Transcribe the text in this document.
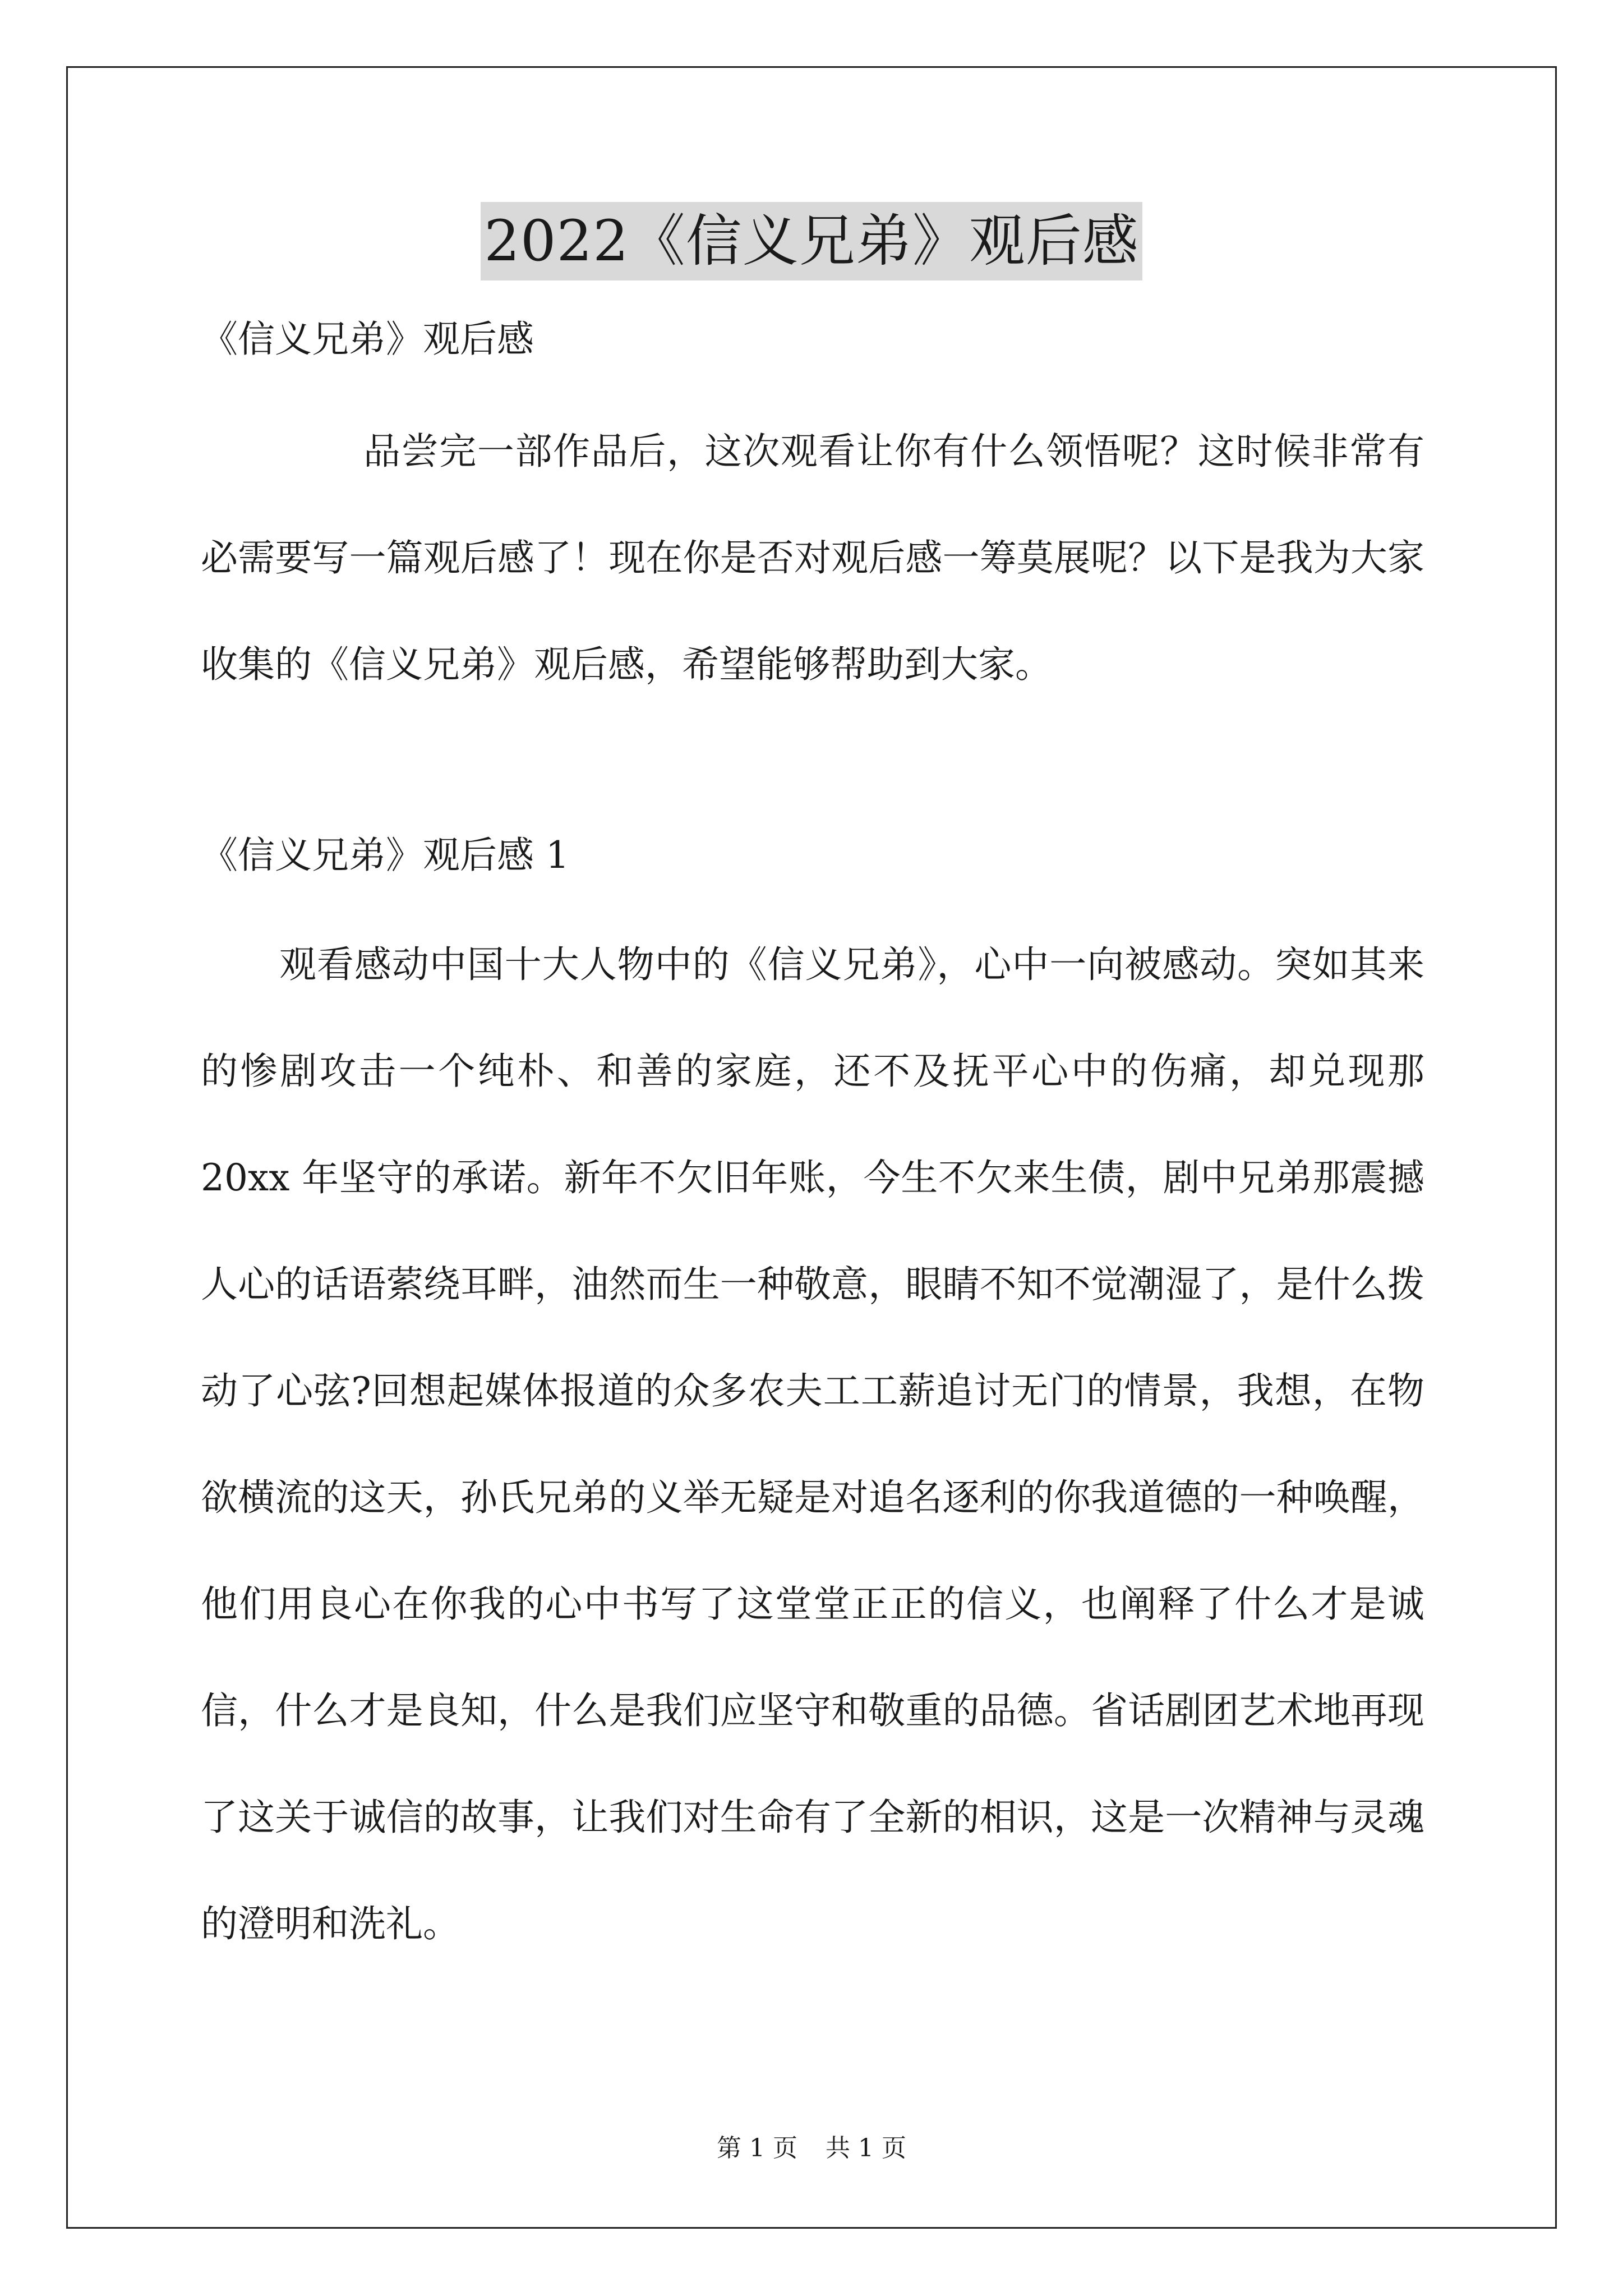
2022《信义兄弟》观后感

《信义兄弟》观后感

品尝完一部作品后，这次观看让你有什么领悟呢？这时候非常有必需要写一篇观后感了！现在你是否对观后感一筹莫展呢？以下是我为大家收集的《信义兄弟》观后感，希望能够帮助到大家。

《信义兄弟》观后感 1

观看感动中国十大人物中的《信义兄弟》，心中一向被感动。突如其来的惨剧攻击一个纯朴、和善的家庭，还不及抚平心中的伤痛，却兑现那 20xx 年坚守的承诺。新年不欠旧年账，今生不欠来生债，剧中兄弟那震撼人心的话语萦绕耳畔，油然而生一种敬意，眼睛不知不觉潮湿了，是什么拨动了心弦?回想起媒体报道的众多农夫工工薪追讨无门的情景，我想，在物欲横流的这天，孙氏兄弟的义举无疑是对追名逐利的你我道德的一种唤醒，他们用良心在你我的心中书写了这堂堂正正的信义，也阐释了什么才是诚信，什么才是良知，什么是我们应坚守和敬重的品德。省话剧团艺术地再现了这关于诚信的故事，让我们对生命有了全新的相识，这是一次精神与灵魂的澄明和洗礼。

第 1 页 共 1 页
